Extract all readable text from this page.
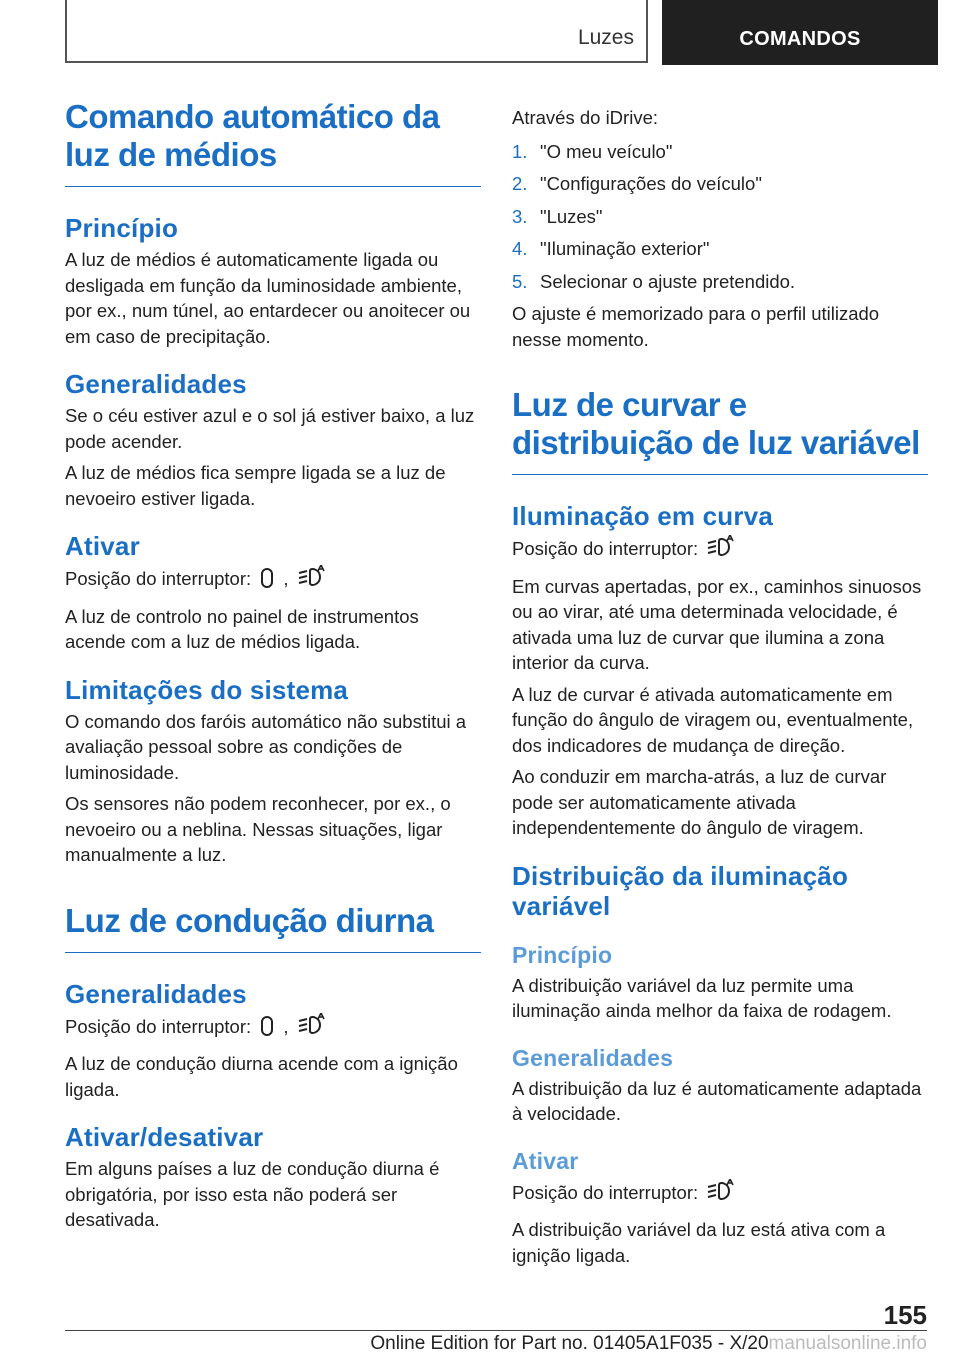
Luzes	COMANDOS
Comando automático da luz de médios
Princípio

A luz de médios é automaticamente ligada ou desligada em função da luminosidade ambiente, por ex., num túnel, ao entardecer ou anoitecer ou em caso de precipitação.

Generalidades

Se o céu estiver azul e o sol já estiver baixo, a luz pode acender.

A luz de médios fica sempre ligada se a luz de nevoeiro estiver ligada.

Ativar

Posição do interruptor: ,

A luz de controlo no painel de instrumentos acende com a luz de médios ligada.

Limitações do sistema

O comando dos faróis automático não substitui a avaliação pessoal sobre as condições de luminosidade.

Os sensores não podem reconhecer, por ex., o nevoeiro ou a neblina. Nessas situações, ligar manualmente a luz.

Luz de condução diurna
Generalidades

Posição do interruptor: ,

A luz de condução diurna acende com a ignição ligada.

Ativar/desativar

Em alguns países a luz de condução diurna é obrigatória, por isso esta não poderá ser desativada.

Através do iDrive:

1. "O meu veículo"
2. "Configurações do veículo"
3. "Luzes"
4. "Iluminação exterior"
5. Selecionar o ajuste pretendido.

O ajuste é memorizado para o perfil utilizado nesse momento.

Luz de curvar e distribuição de luz variável
Iluminação em curva

Posição do interruptor:

Em curvas apertadas, por ex., caminhos sinuosos ou ao virar, até uma determinada velocidade, é ativada uma luz de curvar que ilumina a zona interior da curva.

A luz de curvar é ativada automaticamente em função do ângulo de viragem ou, eventualmente, dos indicadores de mudança de direção.

Ao conduzir em marcha-atrás, a luz de curvar pode ser automaticamente ativada independentemente do ângulo de viragem.

Distribuição da iluminação variável
Princípio

A distribuição variável da luz permite uma iluminação ainda melhor da faixa de rodagem.

Generalidades

A distribuição da luz é automaticamente adaptada à velocidade.

Ativar

Posição do interruptor:

A distribuição variável da luz está ativa com a ignição ligada.

155
Online Edition for Part no. 01405A1F035 - X/20manualsonline.info
